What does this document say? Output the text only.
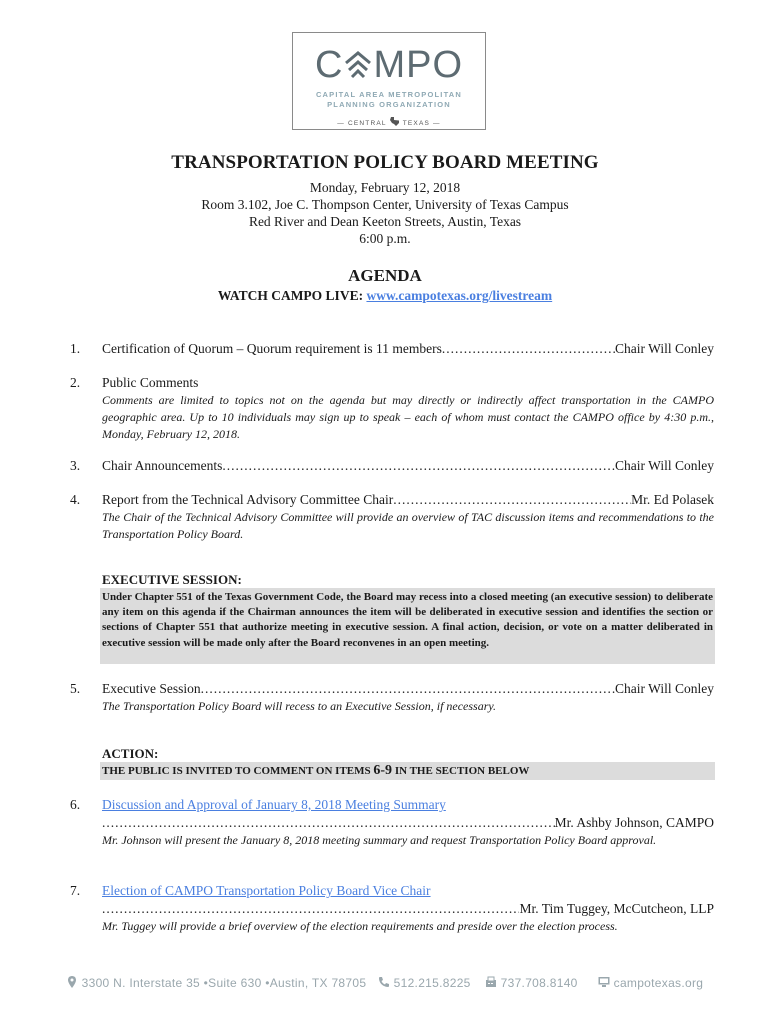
C MPO
CAPITAL AREA METROPOLITAN
PLANNING ORGANIZATION
— CENTRAL TEXAS —
TRANSPORTATION POLICY BOARD MEETING
Monday, February 12, 2018
Room 3.102, Joe C. Thompson Center, University of Texas Campus
Red River and Dean Keeton Streets, Austin, Texas
6:00 p.m.
AGENDA
WATCH CAMPO LIVE: www.campotexas.org/livestream
1. Certification of Quorum – Quorum requirement is 11 members .....	Chair Will Conley
2. Public Comments
Comments are limited to topics not on the agenda but may directly or indirectly affect transportation in the CAMPO geographic area. Up to 10 individuals may sign up to speak – each of whom must contact the CAMPO office by 4:30 p.m., Monday, February 12, 2018.
3. Chair Announcements .....	Chair Will Conley
4. Report from the Technical Advisory Committee Chair .....	Mr. Ed Polasek
The Chair of the Technical Advisory Committee will provide an overview of TAC discussion items and recommendations to the Transportation Policy Board.
EXECUTIVE SESSION:
Under Chapter 551 of the Texas Government Code, the Board may recess into a closed meeting (an executive session) to deliberate any item on this agenda if the Chairman announces the item will be deliberated in executive session and identifies the section or sections of Chapter 551 that authorize meeting in executive session. A final action, decision, or vote on a matter deliberated in executive session will be made only after the Board reconvenes in an open meeting.
5. Executive Session .....	Chair Will Conley
The Transportation Policy Board will recess to an Executive Session, if necessary.
ACTION:
THE PUBLIC IS INVITED TO COMMENT ON ITEMS 6-9 IN THE SECTION BELOW
6. Discussion and Approval of January 8, 2018 Meeting Summary
.....
Mr. Ashby Johnson, CAMPO
Mr. Johnson will present the January 8, 2018 meeting summary and request Transportation Policy Board approval.
7. Election of CAMPO Transportation Policy Board Vice Chair
.....
Mr. Tim Tuggey, McCutcheon, LLP
Mr. Tuggey will provide a brief overview of the election requirements and preside over the election process.
3300 N. Interstate 35 •Suite 630 •Austin, TX 78705	512.215.8225	737.708.8140	campotexas.org
